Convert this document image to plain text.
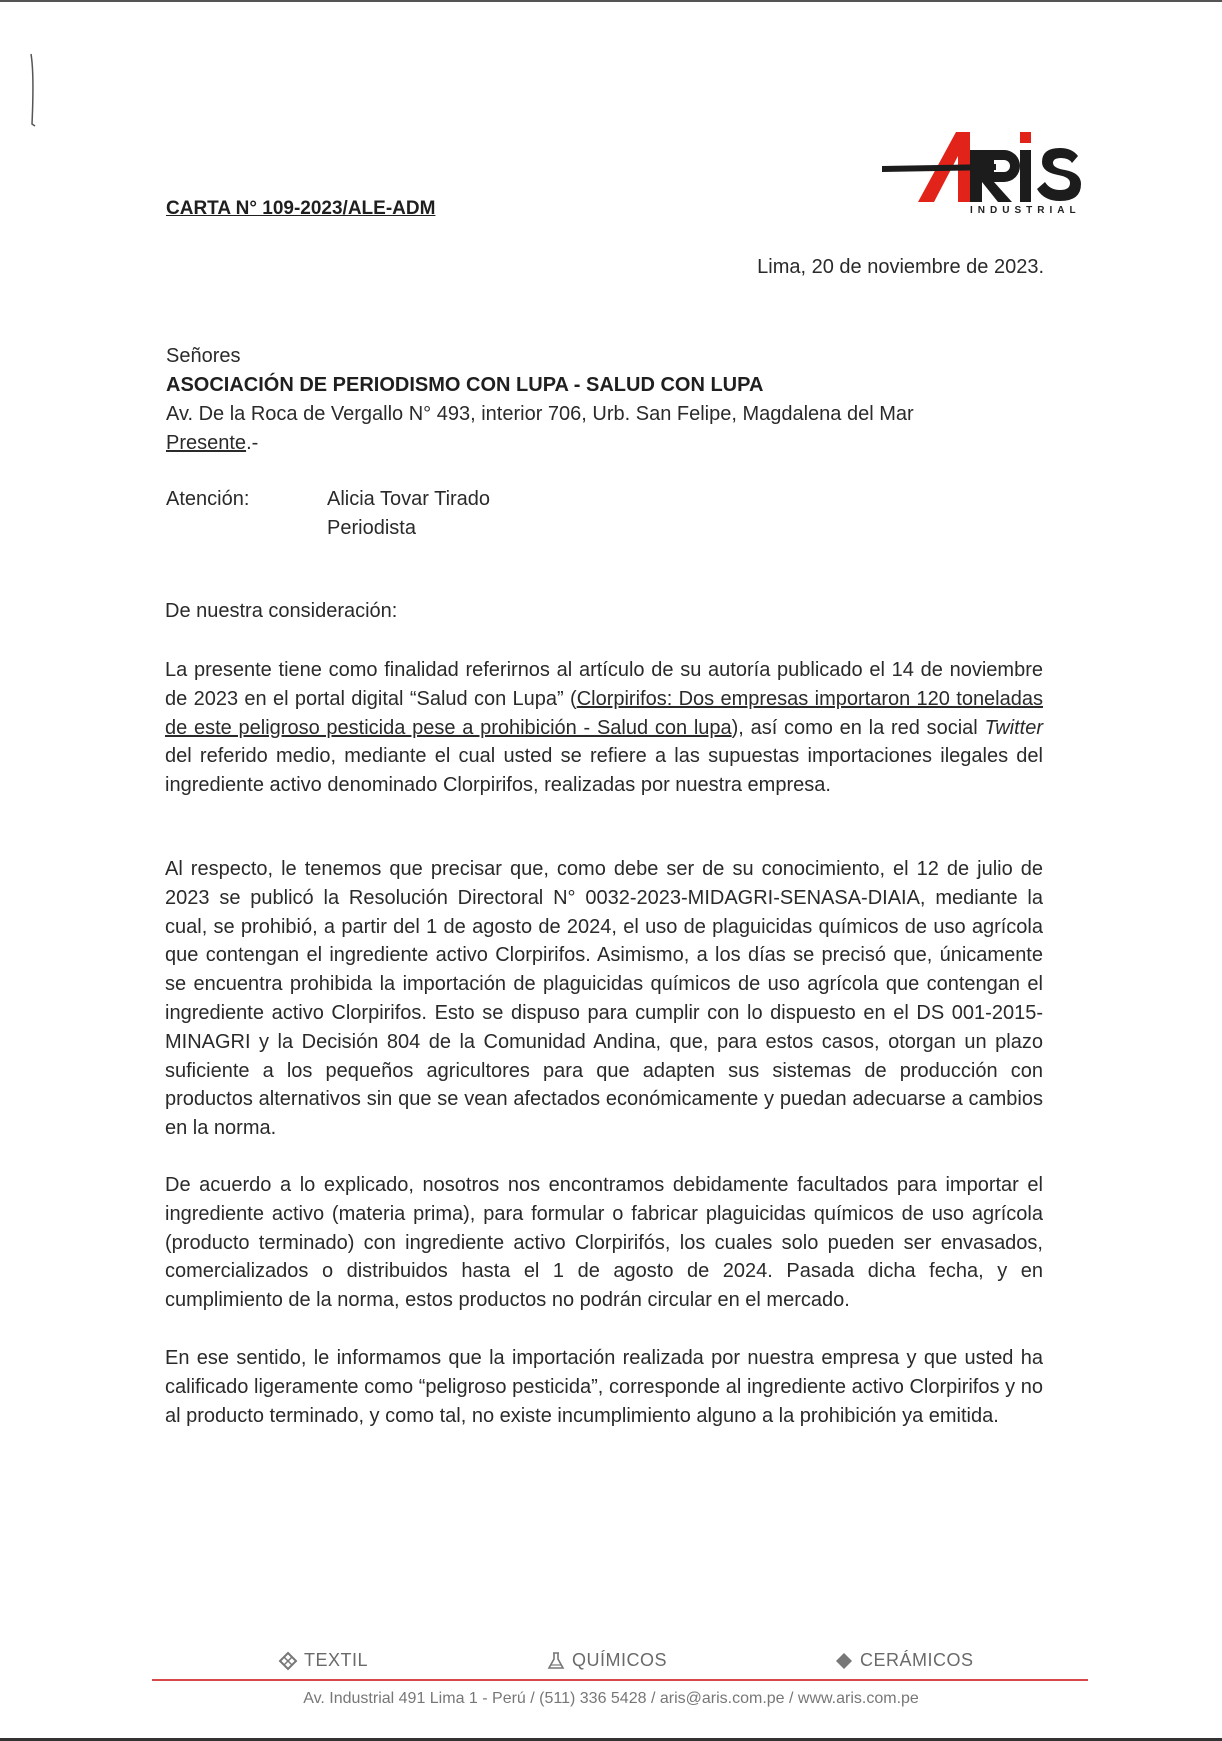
INDUSTRIAL
CARTA N° 109-2023/ALE-ADM
Lima, 20 de noviembre de 2023.
Señores
ASOCIACIÓN DE PERIODISMO CON LUPA - SALUD CON LUPA
Av. De la Roca de Vergallo N° 493, interior 706, Urb. San Felipe, Magdalena del Mar
Presente.-
Atención:	Alicia Tovar Tirado
Periodista
De nuestra consideración:
La presente tiene como finalidad referirnos al artículo de su autoría publicado el 14 de noviembre de 2023 en el portal digital “Salud con Lupa” (Clorpirifos: Dos empresas importaron 120 toneladas de este peligroso pesticida pese a prohibición - Salud con lupa), así como en la red social Twitter del referido medio, mediante el cual usted se refiere a las supuestas importaciones ilegales del ingrediente activo denominado Clorpirifos, realizadas por nuestra empresa.
Al respecto, le tenemos que precisar que, como debe ser de su conocimiento, el 12 de julio de 2023 se publicó la Resolución Directoral N° 0032-2023-MIDAGRI-SENASA-DIAIA, mediante la cual, se prohibió, a partir del 1 de agosto de 2024, el uso de plaguicidas químicos de uso agrícola que contengan el ingrediente activo Clorpirifos. Asimismo, a los días se precisó que, únicamente se encuentra prohibida la importación de plaguicidas químicos de uso agrícola que contengan el ingrediente activo Clorpirifos. Esto se dispuso para cumplir con lo dispuesto en el DS 001-2015-MINAGRI y la Decisión 804 de la Comunidad Andina, que, para estos casos, otorgan un plazo suficiente a los pequeños agricultores para que adapten sus sistemas de producción con productos alternativos sin que se vean afectados económicamente y puedan adecuarse a cambios en la norma.
De acuerdo a lo explicado, nosotros nos encontramos debidamente facultados para importar el ingrediente activo (materia prima), para formular o fabricar plaguicidas químicos de uso agrícola (producto terminado) con ingrediente activo Clorpirifós, los cuales solo pueden ser envasados, comercializados o distribuidos hasta el 1 de agosto de 2024. Pasada dicha fecha, y en cumplimiento de la norma, estos productos no podrán circular en el mercado.
En ese sentido, le informamos que la importación realizada por nuestra empresa y que usted ha calificado ligeramente como “peligroso pesticida”, corresponde al ingrediente activo Clorpirifos y no al producto terminado, y como tal, no existe incumplimiento alguno a la prohibición ya emitida.
TEXTIL	QUÍMICOS	CERÁMICOS
Av. Industrial 491 Lima 1 - Perú / (511) 336 5428 / aris@aris.com.pe / www.aris.com.pe
